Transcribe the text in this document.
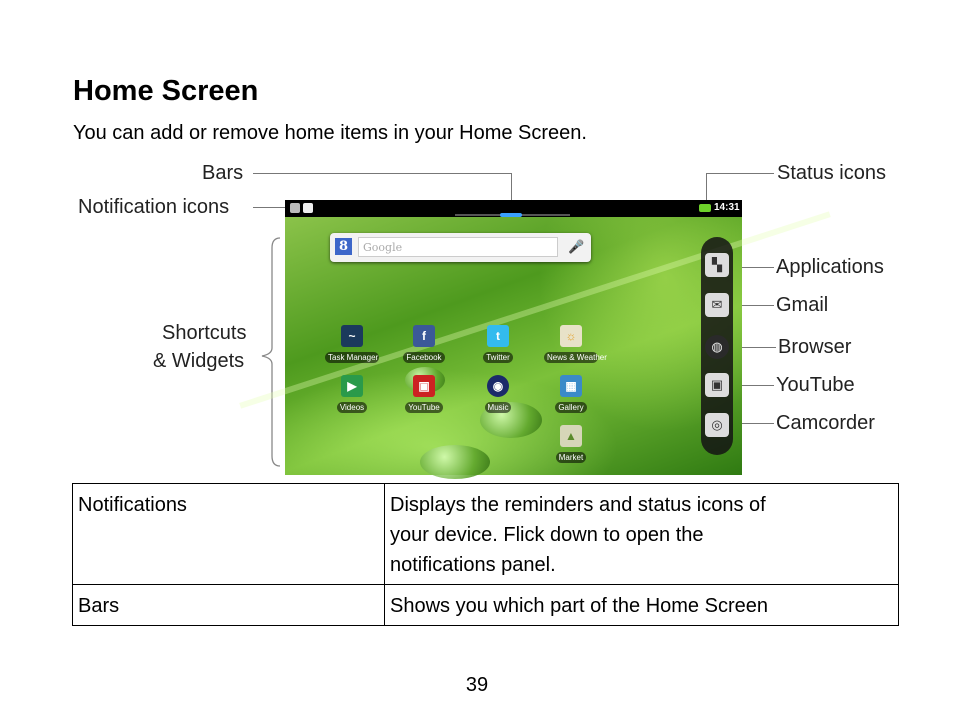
Home Screen
You can add or remove home items in your Home Screen.
Bars
Notification icons
Status icons
Shortcuts
& Widgets
Applications
Gmail
Browser
YouTube
Camcorder
14:31
8	Google	🎤
~
Task Manager
f
Facebook
t
Twitter
☼
News & Weather
▶
Videos
▣
YouTube
◉
Music
▦
Gallery
▲
Market
▚
✉
◍
▣
◎
Notifications	Displays the reminders and status icons of
your device. Flick down to open the
notifications panel.

Bars	Shows you which part of the Home Screen
39
